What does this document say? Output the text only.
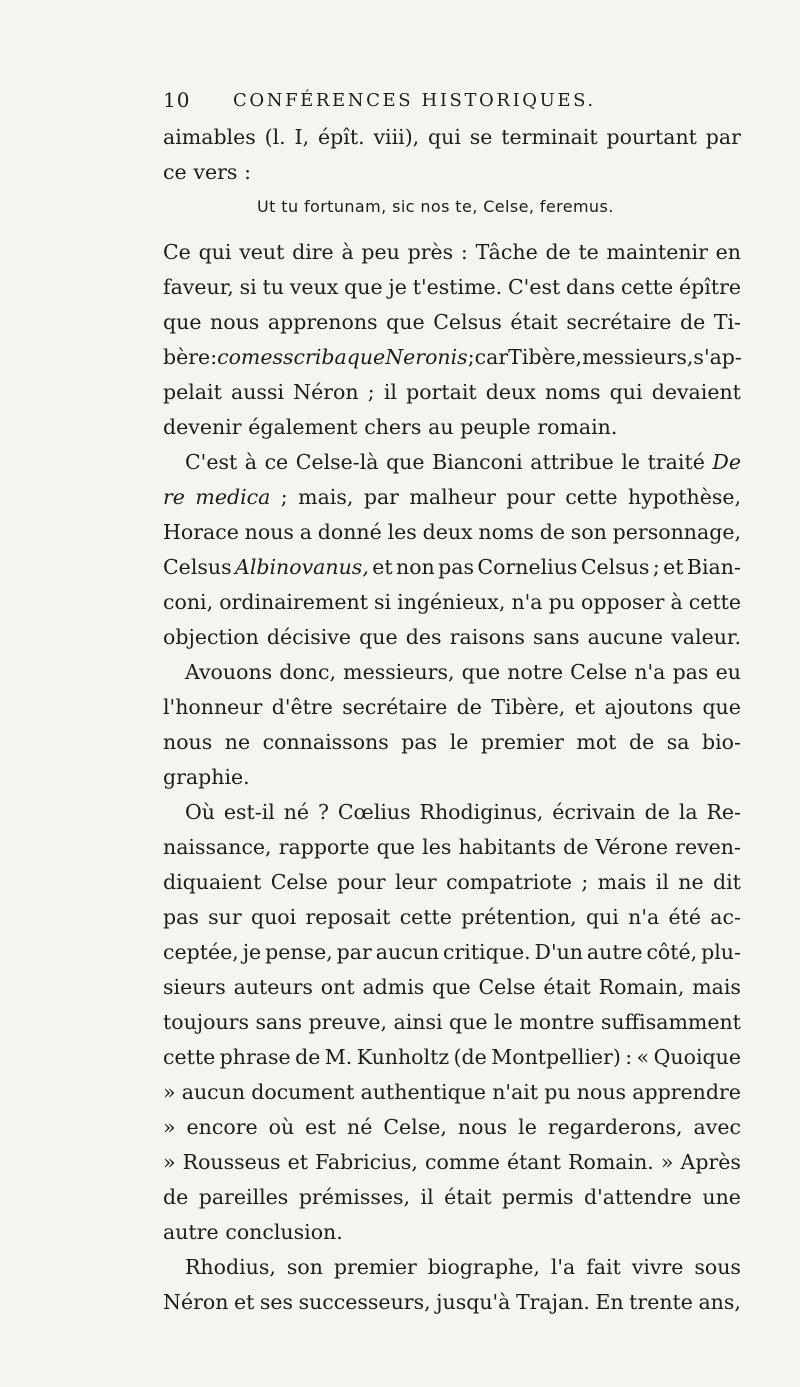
10 CONFÉRENCES HISTORIQUES.
aimables (l. I, épît. viii), qui se terminait pourtant par
ce vers :
Ut tu fortunam, sic nos te, Celse, feremus.
Ce qui veut dire à peu près : Tâche de te maintenir en
faveur, si tu veux que je t'estime. C'est dans cette épître
que nous apprenons que Celsus était secrétaire de Ti-
bère : comes scribaque Neronis ; car Tibère, messieurs, s'ap-
pelait aussi Néron ; il portait deux noms qui devaient
devenir également chers au peuple romain.
C'est à ce Celse-là que Bianconi attribue le traité De
re medica ; mais, par malheur pour cette hypothèse,
Horace nous a donné les deux noms de son personnage,
Celsus Albinovanus, et non pas Cornelius Celsus ; et Bian-
coni, ordinairement si ingénieux, n'a pu opposer à cette
objection décisive que des raisons sans aucune valeur.
Avouons donc, messieurs, que notre Celse n'a pas eu
l'honneur d'être secrétaire de Tibère, et ajoutons que
nous ne connaissons pas le premier mot de sa bio-
graphie.
Où est-il né ? Cœlius Rhodiginus, écrivain de la Re-
naissance, rapporte que les habitants de Vérone reven-
diquaient Celse pour leur compatriote ; mais il ne dit
pas sur quoi reposait cette prétention, qui n'a été ac-
ceptée, je pense, par aucun critique. D'un autre côté, plu-
sieurs auteurs ont admis que Celse était Romain, mais
toujours sans preuve, ainsi que le montre suffisamment
cette phrase de M. Kunholtz (de Montpellier) : « Quoique
» aucun document authentique n'ait pu nous apprendre
» encore où est né Celse, nous le regarderons, avec
» Rousseus et Fabricius, comme étant Romain. » Après
de pareilles prémisses, il était permis d'attendre une
autre conclusion.
Rhodius, son premier biographe, l'a fait vivre sous
Néron et ses successeurs, jusqu'à Trajan. En trente ans,
